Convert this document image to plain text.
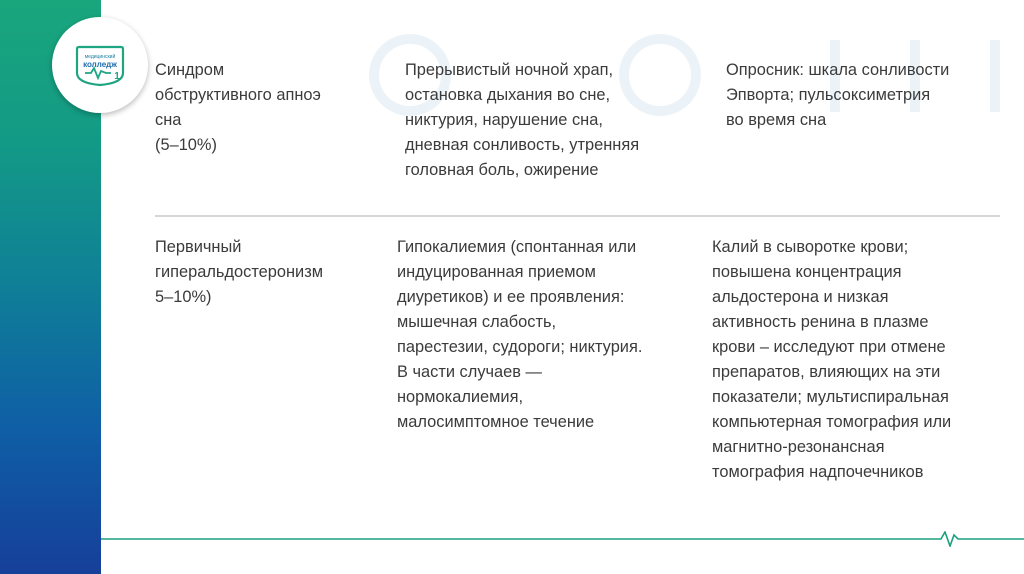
медицинский
колледж
1 Синдром
обструктивного апноэ
сна
(5–10%)
Прерывистый ночной храп,
остановка дыхания во сне,
никтурия, нарушение сна,
дневная сонливость, утренняя
головная боль, ожирение
Опросник: шкала сонливости
Эпворта; пульсоксиметрия
во время сна
Первичный
гиперальдостеронизм
5–10%)
Гипокалиемия (спонтанная или
индуцированная приемом
диуретиков) и ее проявления:
мышечная слабость,
парестезии, судороги; никтурия.
В части случаев —
нормокалиемия,
малосимптомное течение
Калий в сыворотке крови;
повышена концентрация
альдостерона и низкая
активность ренина в плазме
крови – исследуют при отмене
препаратов, влияющих на эти
показатели; мультиспиральная
компьютерная томография или
магнитно-резонансная
томография надпочечников
